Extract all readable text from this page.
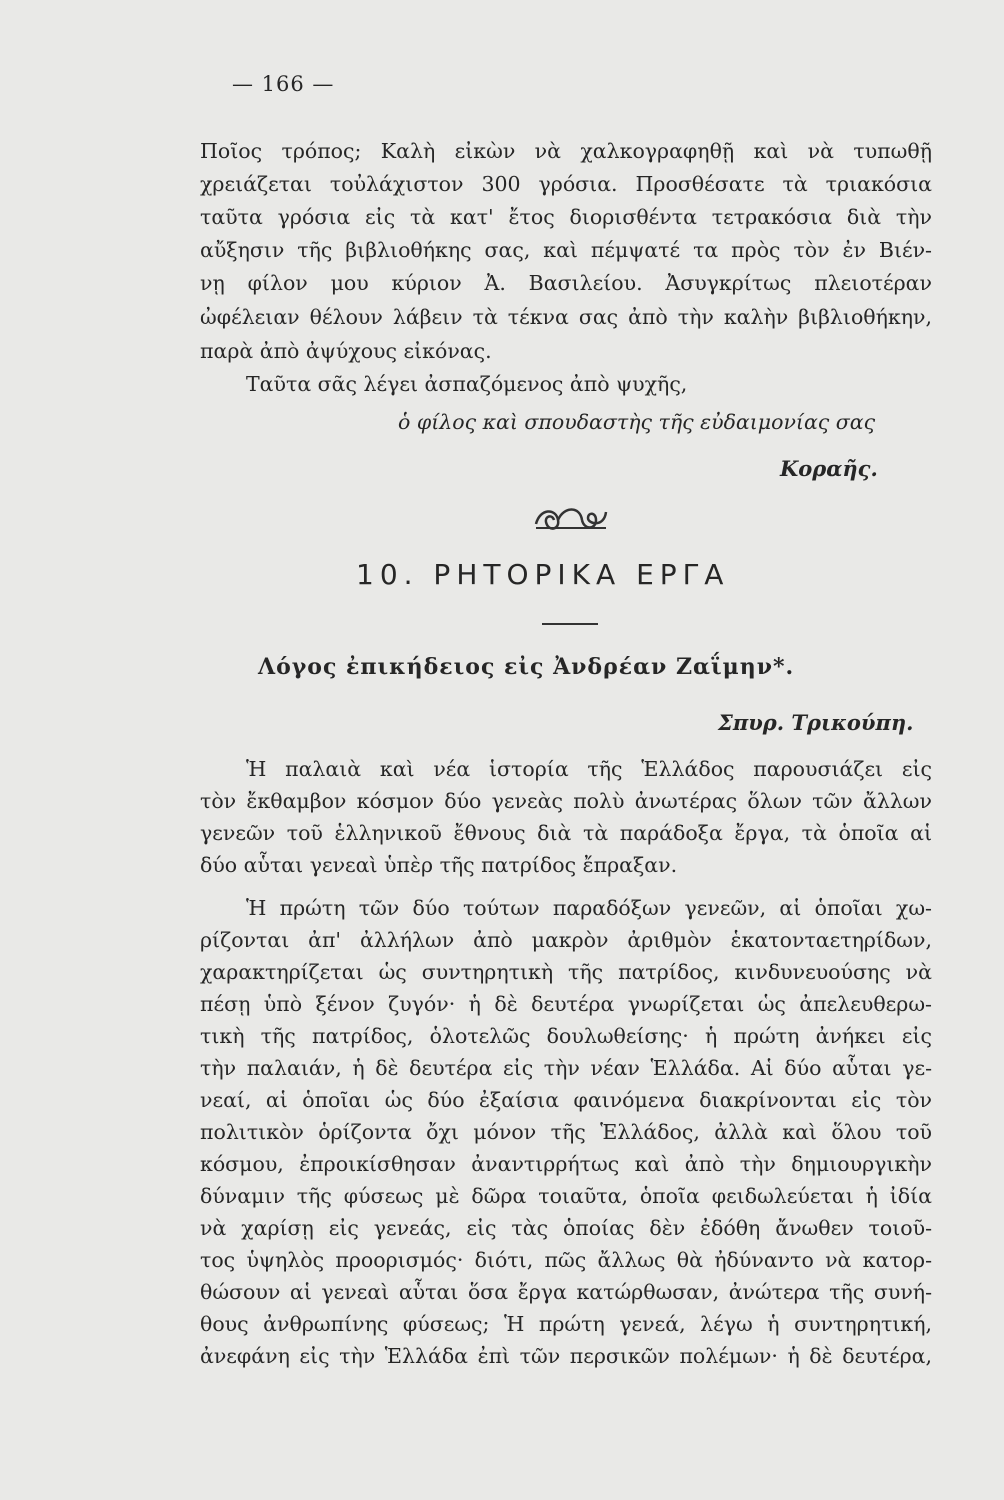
— 166 —
Ποῖος τρόπος; Καλὴ εἰκὼν νὰ χαλκογραφηθῇ καὶ νὰ τυπωθῇ
χρειάζεται τοὐλάχιστον 300 γρόσια. Προσθέσατε τὰ τριακόσια
ταῦτα γρόσια εἰς τὰ κατ' ἔτος διορισθέντα τετρακόσια διὰ τὴν
αὔξησιν τῆς βιβλιοθήκης σας, καὶ πέμψατέ τα πρὸς τὸν ἐν Βιέν-
νῃ φίλον μου κύριον Ἀ. Βασιλείου. Ἀσυγκρίτως πλειοτέραν
ὠφέλειαν θέλουν λάβειν τὰ τέκνα σας ἀπὸ τὴν καλὴν βιβλιοθήκην,
παρὰ ἀπὸ ἀψύχους εἰκόνας.
Ταῦτα σᾶς λέγει ἀσπαζόμενος ἀπὸ ψυχῆς,
ὁ φίλος καὶ σπουδαστὴς τῆς εὐδαιμονίας σας
Κοραῆς.
10. ΡΗΤΟΡΙΚΑ ΕΡΓΑ
Λόγος ἐπικήδειος εἰς Ἀνδρέαν Ζαΐμην*.
Σπυρ. Τρικούπη.
Ἡ παλαιὰ καὶ νέα ἱστορία τῆς Ἑλλάδος παρουσιάζει εἰς
τὸν ἔκθαμβον κόσμον δύο γενεὰς πολὺ ἀνωτέρας ὅλων τῶν ἄλλων
γενεῶν τοῦ ἑλληνικοῦ ἔθνους διὰ τὰ παράδοξα ἔργα, τὰ ὁποῖα αἱ
δύο αὗται γενεαὶ ὑπὲρ τῆς πατρίδος ἔπραξαν.
Ἡ πρώτη τῶν δύο τούτων παραδόξων γενεῶν, αἱ ὁποῖαι χω-
ρίζονται ἀπ' ἀλλήλων ἀπὸ μακρὸν ἀριθμὸν ἑκατονταετηρίδων,
χαρακτηρίζεται ὡς συντηρητικὴ τῆς πατρίδος, κινδυνευούσης νὰ
πέσῃ ὑπὸ ξένον ζυγόν· ἡ δὲ δευτέρα γνωρίζεται ὡς ἀπελευθερω-
τικὴ τῆς πατρίδος, ὁλοτελῶς δουλωθείσης· ἡ πρώτη ἀνήκει εἰς
τὴν παλαιάν, ἡ δὲ δευτέρα εἰς τὴν νέαν Ἑλλάδα. Αἱ δύο αὗται γε-
νεαί, αἱ ὁποῖαι ὡς δύο ἐξαίσια φαινόμενα διακρίνονται εἰς τὸν
πολιτικὸν ὁρίζοντα ὄχι μόνον τῆς Ἑλλάδος, ἀλλὰ καὶ ὅλου τοῦ
κόσμου, ἐπροικίσθησαν ἀναντιρρήτως καὶ ἀπὸ τὴν δημιουργικὴν
δύναμιν τῆς φύσεως μὲ δῶρα τοιαῦτα, ὁποῖα φειδωλεύεται ἡ ἰδία
νὰ χαρίσῃ εἰς γενεάς, εἰς τὰς ὁποίας δὲν ἐδόθη ἄνωθεν τοιοῦ-
τος ὑψηλὸς προορισμός· διότι, πῶς ἄλλως θὰ ἠδύναντο νὰ κατορ-
θώσουν αἱ γενεαὶ αὗται ὅσα ἔργα κατώρθωσαν, ἀνώτερα τῆς συνή-
θους ἀνθρωπίνης φύσεως; Ἡ πρώτη γενεά, λέγω ἡ συντηρητική,
ἀνεφάνη εἰς τὴν Ἑλλάδα ἐπὶ τῶν περσικῶν πολέμων· ἡ δὲ δευτέρα,
